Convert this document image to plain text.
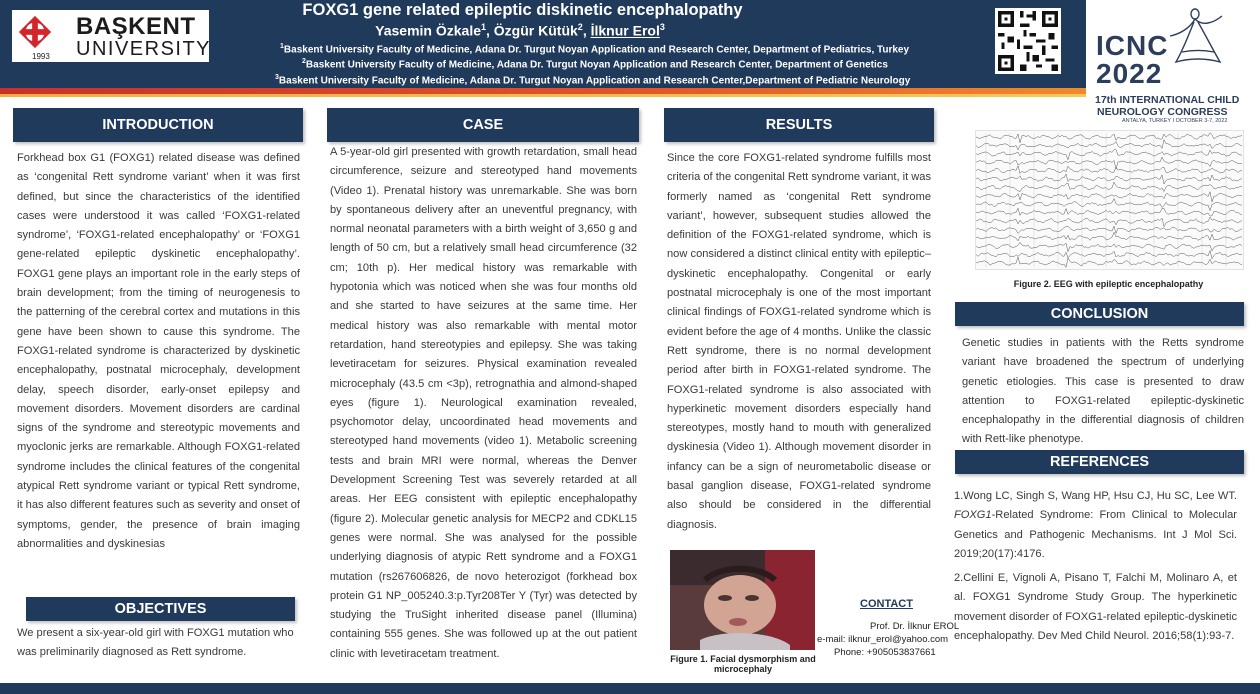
BAŞKENT
UNIVERSITY
1993
FOXG1 gene related epileptic diskinetic encephalopathy
Yasemin Özkale$^1$, Özgür Kütük$^2$, İlknur Erol$^3$
$^1$Baskent University Faculty of Medicine, Adana Dr. Turgut Noyan Application and Research Center, Department of Pediatrics, Turkey
$^2$Baskent University Faculty of Medicine, Adana Dr. Turgut Noyan Application and Research Center, Department of Genetics
$^3$Baskent University Faculty of Medicine, Adana Dr. Turgut Noyan Application and Research Center,Department of Pediatric Neurology
ICNC
2022
17th INTERNATIONAL CHILD
NEUROLOGY CONGRESS
ANTALYA, TURKEY I OCTOBER 3-7, 2022
INTRODUCTION
Forkhead box G1 (FOXG1) related disease was defined as ‘congenital Rett syndrome variant’ when it was first defined, but since the characteristics of the identified cases were understood it was called ‘FOXG1-related syndrome’, ‘FOXG1-related encephalopathy’ or ‘FOXG1 gene-related epileptic dyskinetic encephalopathy’. FOXG1 gene plays an important role in the early steps of brain development; from the timing of neurogenesis to the patterning of the cerebral cortex and mutations in this gene have been shown to cause this syndrome. The FOXG1-related syndrome is characterized by dyskinetic encephalopathy, postnatal microcephaly, development delay, speech disorder, early-onset epilepsy and movement disorders. Movement disorders are cardinal signs of the syndrome and stereotypic movements and myoclonic jerks are remarkable. Although FOXG1-related syndrome includes the clinical features of the congenital atypical Rett syndrome variant or typical Rett syndrome, it has also different features such as severity and onset of symptoms, gender, the presence of brain imaging abnormalities and dyskinesias
OBJECTIVES
We present a six-year-old girl with FOXG1 mutation who was preliminarily diagnosed as Rett syndrome.
CASE
A 5-year-old girl presented with growth retardation, small head circumference, seizure and stereotyped hand movements (Video 1). Prenatal history was unremarkable. She was born by spontaneous delivery after an uneventful pregnancy, with normal neonatal parameters with a birth weight of 3,650 g and length of 50 cm, but a relatively small head circumference (32 cm; 10th p). Her medical history was remarkable with hypotonia which was noticed when she was four months old and she started to have seizures at the same time. Her medical history was also remarkable with mental motor retardation, hand stereotypies and epilepsy. She was taking levetiracetam for seizures. Physical examination revealed microcephaly (43.5 cm <3p), retrognathia and almond-shaped eyes (figure 1). Neurological examination revealed, psychomotor delay, uncoordinated head movements and stereotyped hand movements (video 1). Metabolic screening tests and brain MRI were normal, whereas the Denver Development Screening Test was severely retarded at all areas. Her EEG consistent with epileptic encephalopathy (figure 2). Molecular genetic analysis for MECP2 and CDKL15 genes were normal. She was analysed for the possible underlying diagnosis of atypic Rett syndrome and a FOXG1 mutation (rs267606826, de novo heterozigot (forkhead box protein G1 NP_005240.3:p.Tyr208Ter Y (Tyr) was detected by studying the TruSight inherited disease panel (Illumina) containing 555 genes. She was followed up at the out patient clinic with levetiracetam treatment.
RESULTS
Since the core FOXG1-related syndrome fulfills most criteria of the congenital Rett syndrome variant, it was formerly named as ‘congenital Rett syndrome variant’, however, subsequent studies allowed the definition of the FOXG1-related syndrome, which is now considered a distinct clinical entity with epileptic–dyskinetic encephalopathy. Congenital or early postnatal microcephaly is one of the most important clinical findings of FOXG1-related syndrome which is evident before the age of 4 months. Unlike the classic Rett syndrome, there is no normal development period after birth in FOXG1-related syndrome. The FOXG1-related syndrome is also associated with hyperkinetic movement disorders especially hand stereotypes, mostly hand to mouth with generalized dyskinesia (Video 1). Although movement disorder in infancy can be a sign of neurometabolic disease or basal ganglion disease, FOXG1-related syndrome also should be considered in the differential diagnosis.
Figure 1. Facial dysmorphism and
microcephaly
CONTACT
Prof. Dr. İlknur EROL
e-mail: ilknur_erol@yahoo.com
Phone: +905053837661
Figure 2. EEG with epileptic encephalopathy
CONCLUSION
Genetic studies in patients with the Retts syndrome variant have broadened the spectrum of underlying genetic etiologies. This case is presented to draw attention to FOXG1-related epileptic-dyskinetic encephalopathy in the differential diagnosis of children with Rett-like phenotype.
REFERENCES

1.Wong LC, Singh S, Wang HP, Hsu CJ, Hu SC, Lee WT. FOXG1-Related Syndrome: From Clinical to Molecular Genetics and Pathogenic Mechanisms. Int J Mol Sci. 2019;20(17):4176.

2.Cellini E, Vignoli A, Pisano T, Falchi M, Molinaro A, et al. FOXG1 Syndrome Study Group. The hyperkinetic movement disorder of FOXG1-related epileptic-dyskinetic encephalopathy. Dev Med Child Neurol. 2016;58(1):93-7.
